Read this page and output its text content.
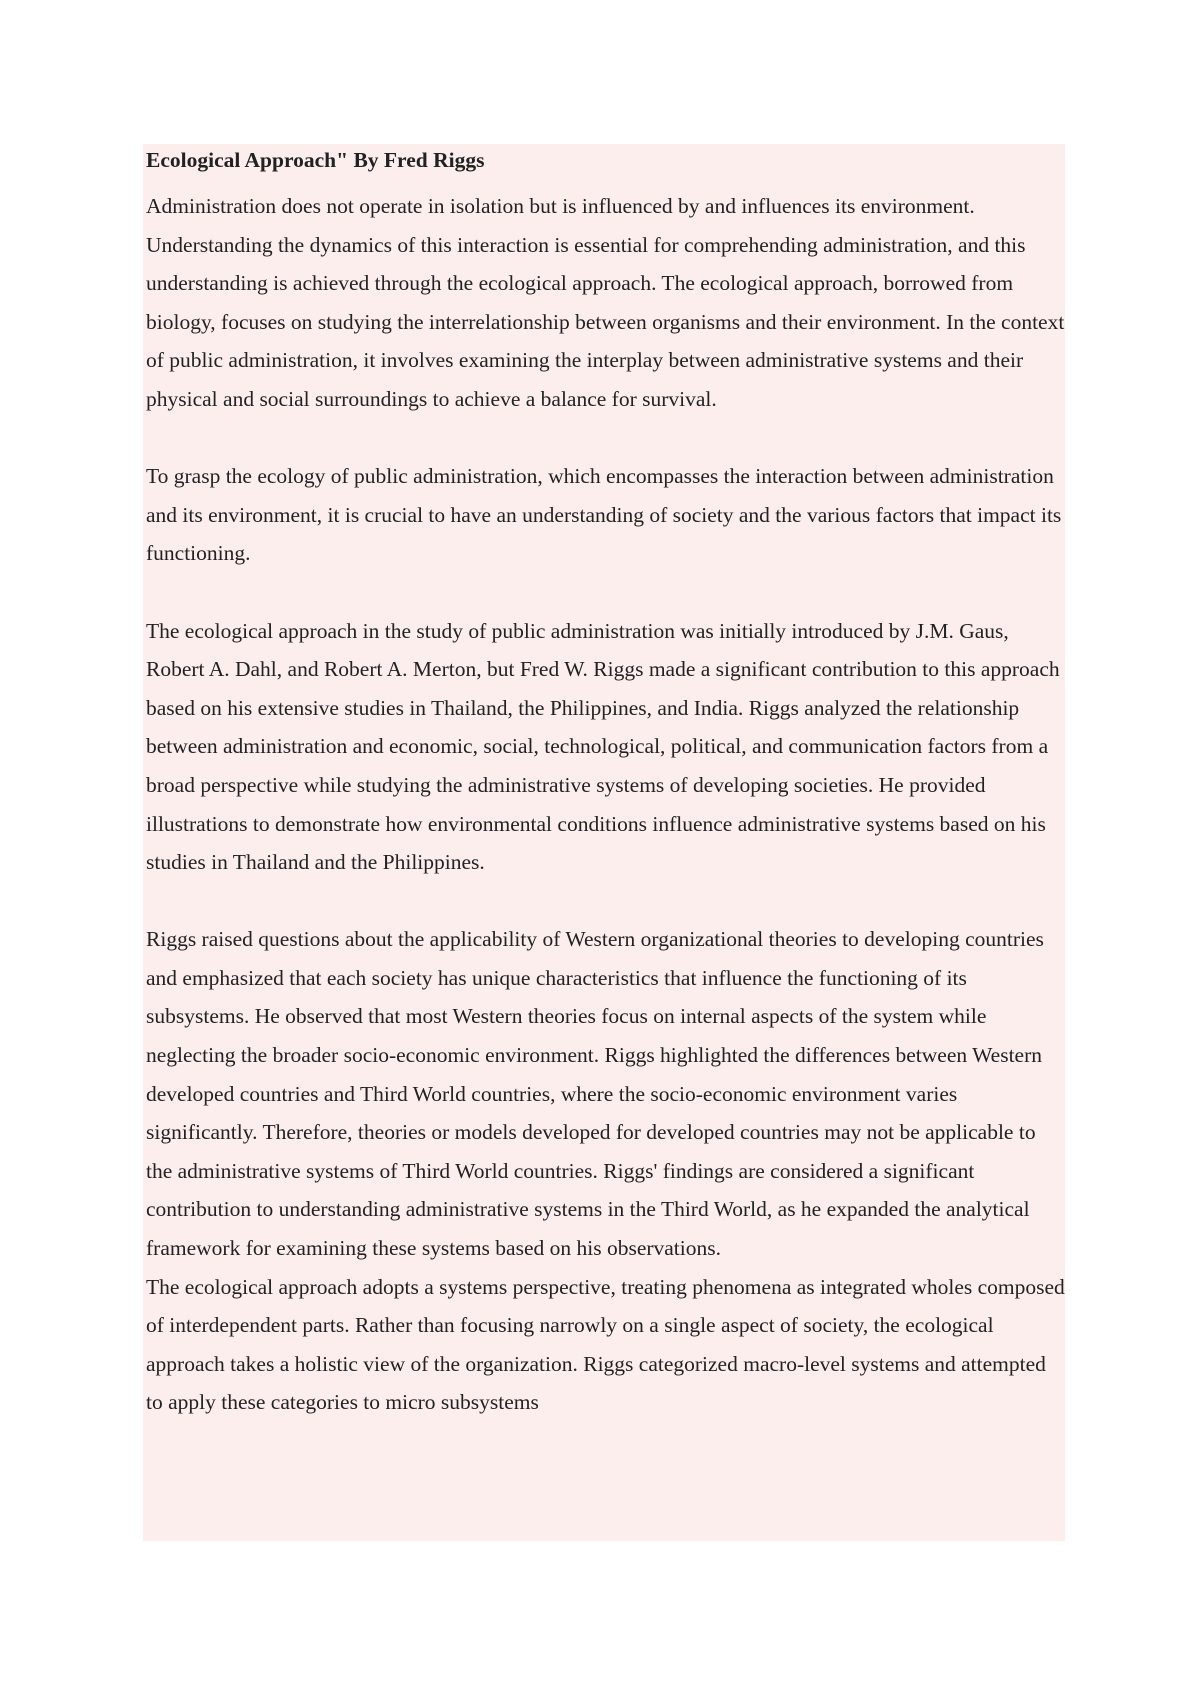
Ecological Approach" By Fred Riggs

Administration does not operate in isolation but is influenced by and influences its environment. Understanding the dynamics of this interaction is essential for comprehending administration, and this understanding is achieved through the ecological approach. The ecological approach, borrowed from biology, focuses on studying the interrelationship between organisms and their environment. In the context of public administration, it involves examining the interplay between administrative systems and their physical and social surroundings to achieve a balance for survival.

To grasp the ecology of public administration, which encompasses the interaction between administration and its environment, it is crucial to have an understanding of society and the various factors that impact its functioning.

The ecological approach in the study of public administration was initially introduced by J.M. Gaus, Robert A. Dahl, and Robert A. Merton, but Fred W. Riggs made a significant contribution to this approach based on his extensive studies in Thailand, the Philippines, and India. Riggs analyzed the relationship between administration and economic, social, technological, political, and communication factors from a broad perspective while studying the administrative systems of developing societies. He provided illustrations to demonstrate how environmental conditions influence administrative systems based on his studies in Thailand and the Philippines.

Riggs raised questions about the applicability of Western organizational theories to developing countries and emphasized that each society has unique characteristics that influence the functioning of its subsystems. He observed that most Western theories focus on internal aspects of the system while neglecting the broader socio-economic environment. Riggs highlighted the differences between Western developed countries and Third World countries, where the socio-economic environment varies significantly. Therefore, theories or models developed for developed countries may not be applicable to the administrative systems of Third World countries. Riggs' findings are considered a significant contribution to understanding administrative systems in the Third World, as he expanded the analytical framework for examining these systems based on his observations.

The ecological approach adopts a systems perspective, treating phenomena as integrated wholes composed of interdependent parts. Rather than focusing narrowly on a single aspect of society, the ecological approach takes a holistic view of the organization. Riggs categorized macro-level systems and attempted to apply these categories to micro subsystems
